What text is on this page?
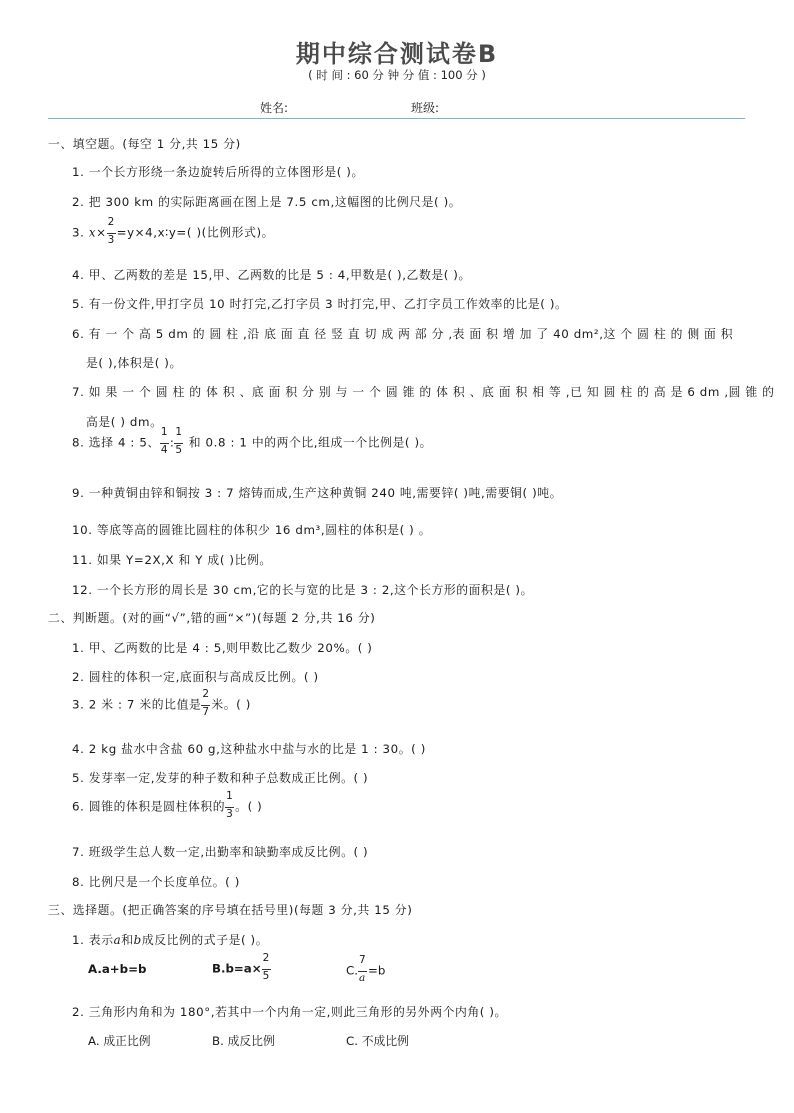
期中综合测试卷B
( 时 间 : 60 分 钟 分 值 : 100 分 )
姓名:	班级:
一、填空题。(每空 1 分,共 15 分)
1. 一个长方形绕一条边旋转后所得的立体图形是( )。
2. 把 300 km 的实际距离画在图上是 7.5 cm,这幅图的比例尺是( )。
3. $x\times \frac{2}{3}$ =y×4,x∶y=( )(比例形式)。
4. 甲、乙两数的差是 15,甲、乙两数的比是 5 : 4,甲数是( ),乙数是( )。
5. 有一份文件,甲打字员 10 时打完,乙打字员 3 时打完,甲、乙打字员工作效率的比是( )。
6. 有 一 个 高 5 dm 的 圆 柱 ,沿 底 面 直 径 竖 直 切 成 两 部 分 ,表 面 积 增 加 了 40 dm²,这 个 圆 柱 的 侧 面 积
是( ),体积是( )。
7. 如 果 一 个 圆 柱 的 体 积 、底 面 积 分 别 与 一 个 圆 锥 的 体 积 、底 面 积 相 等 ,已 知 圆 柱 的 高 是 6 dm ,圆 锥 的
高是( ) dm。
8. 选择 4 : 5、 $\frac{1}{4}$ : $\frac{1}{5}$ 和 0.8 : 1 中的两个比,组成一个比例是( )。
9. 一种黄铜由锌和铜按 3 : 7 熔铸而成,生产这种黄铜 240 吨,需要锌( )吨,需要铜( )吨。
10. 等底等高的圆锥比圆柱的体积少 16 dm³,圆柱的体积是( ) 。
11. 如果 Y=2X,X 和 Y 成( )比例。
12. 一个长方形的周长是 30 cm,它的长与宽的比是 3 : 2,这个长方形的面积是( )。
二、判断题。(对的画“√”,错的画“×”)(每题 2 分,共 16 分)
1. 甲、乙两数的比是 4 : 5,则甲数比乙数少 20%。( )
2. 圆柱的体积一定,底面积与高成反比例。( )
3. 2 米 : 7 米的比值是 $\frac{2}{7}$ 米。( )
4. 2 kg 盐水中含盐 60 g,这种盐水中盐与水的比是 1 : 30。( )
5. 发芽率一定,发芽的种子数和种子总数成正比例。( )
6. 圆锥的体积是圆柱体积的 $\frac{1}{3}$ 。( )
7. 班级学生总人数一定,出勤率和缺勤率成反比例。( )
8. 比例尺是一个长度单位。( )
三、选择题。(把正确答案的序号填在括号里)(每题 3 分,共 15 分)
1. 表示a和b成反比例的式子是( )。
A.a+b=b	$B.b=a\times \frac{2}{5}$	C. $\frac{7}{a} =b$
2. 三角形内角和为 180°,若其中一个内角一定,则此三角形的另外两个内角( )。
A. 成正比例	B. 成反比例	C. 不成比例
